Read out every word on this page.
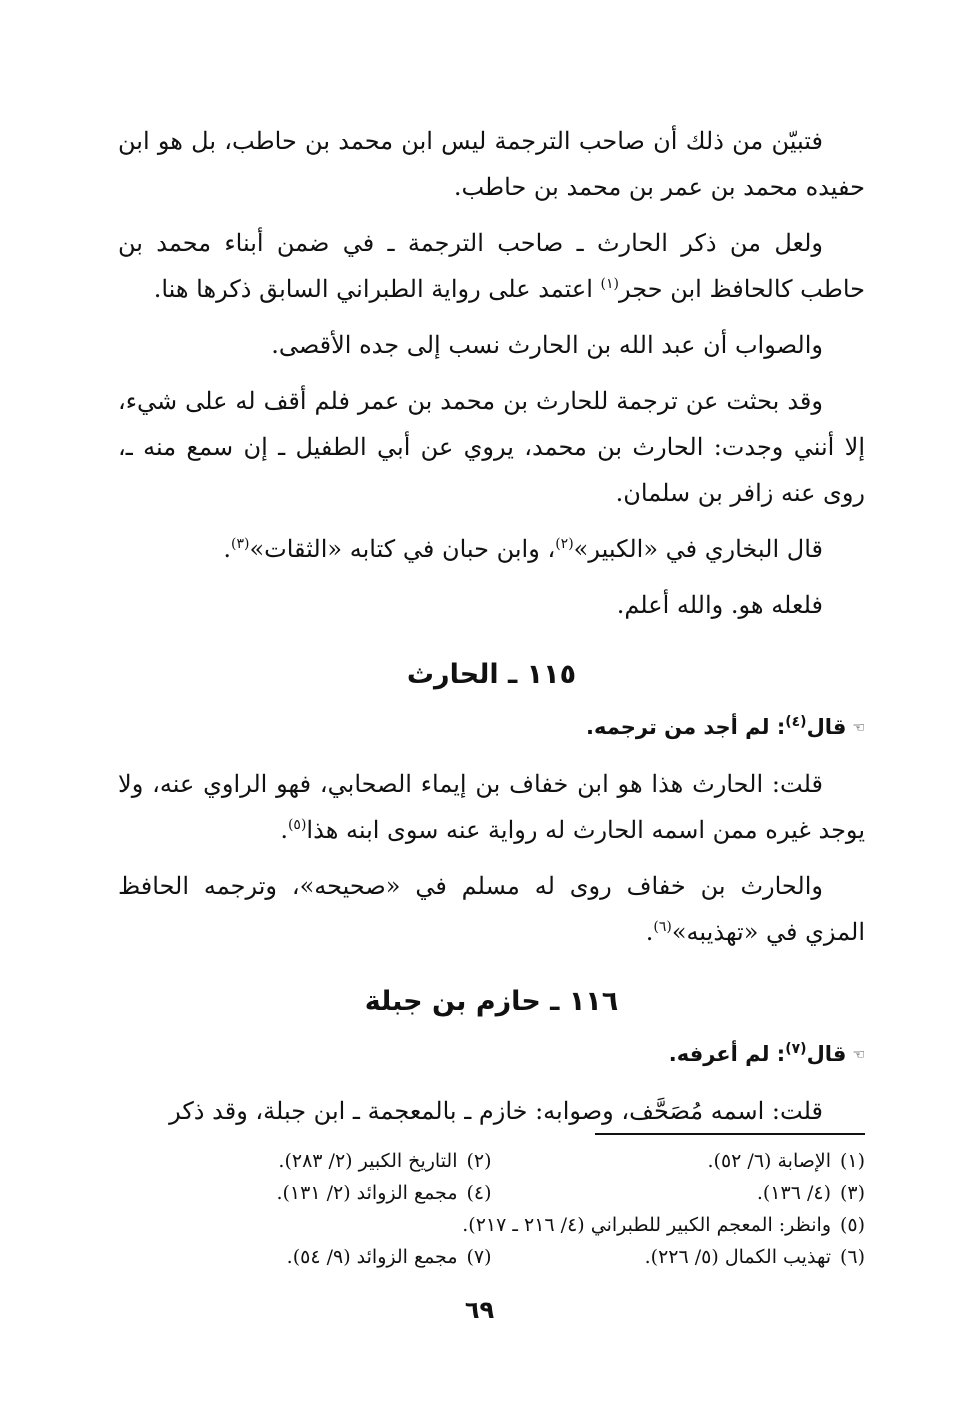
فتبيّن من ذلك أن صاحب الترجمة ليس ابن محمد بن حاطب، بل هو ابن حفيده محمد بن عمر بن محمد بن حاطب.

ولعل من ذكر الحارث ـ صاحب الترجمة ـ في ضمن أبناء محمد بن حاطب كالحافظ ابن حجر$^{(١)}$ اعتمد على رواية الطبراني السابق ذكرها هنا.

والصواب أن عبد الله بن الحارث نسب إلى جده الأقصى.

وقد بحثت عن ترجمة للحارث بن محمد بن عمر فلم أقف له على شيء، إلا أنني وجدت: الحارث بن محمد، يروي عن أبي الطفيل ـ إن سمع منه ـ، روى عنه زافر بن سلمان.

قال البخاري في «الكبير»$^{(٢)}$، وابن حبان في كتابه «الثقات»$^{(٣)}$.

فلعله هو. والله أعلم.

١١٥ ـ الحارث

☜قال$^{(٤)}$: لم أجد من ترجمه.

قلت: الحارث هذا هو ابن خفاف بن إيماء الصحابي، فهو الراوي عنه، ولا يوجد غيره ممن اسمه الحارث له رواية عنه سوى ابنه هذا$^{(٥)}$.

والحارث بن خفاف روى له مسلم في «صحيحه»، وترجمه الحافظ المزي في «تهذيبه»$^{(٦)}$.

١١٦ ـ حازم بن جبلة

☜قال$^{(٧)}$: لم أعرفه.

قلت: اسمه مُصَحَّف، وصوابه: خازم ـ بالمعجمة ـ ابن جبلة، وقد ذكر

(١)الإصابة (٦/ ٥٢).
(٢)التاريخ الكبير (٢/ ٢٨٣).
(٣)(٤/ ١٣٦).
(٤)مجمع الزوائد (٢/ ١٣١).
(٥)وانظر: المعجم الكبير للطبراني (٤/ ٢١٦ ـ ٢١٧).
(٦)تهذيب الكمال (٥/ ٢٢٦).
(٧)مجمع الزوائد (٩/ ٥٤).
٦٩
